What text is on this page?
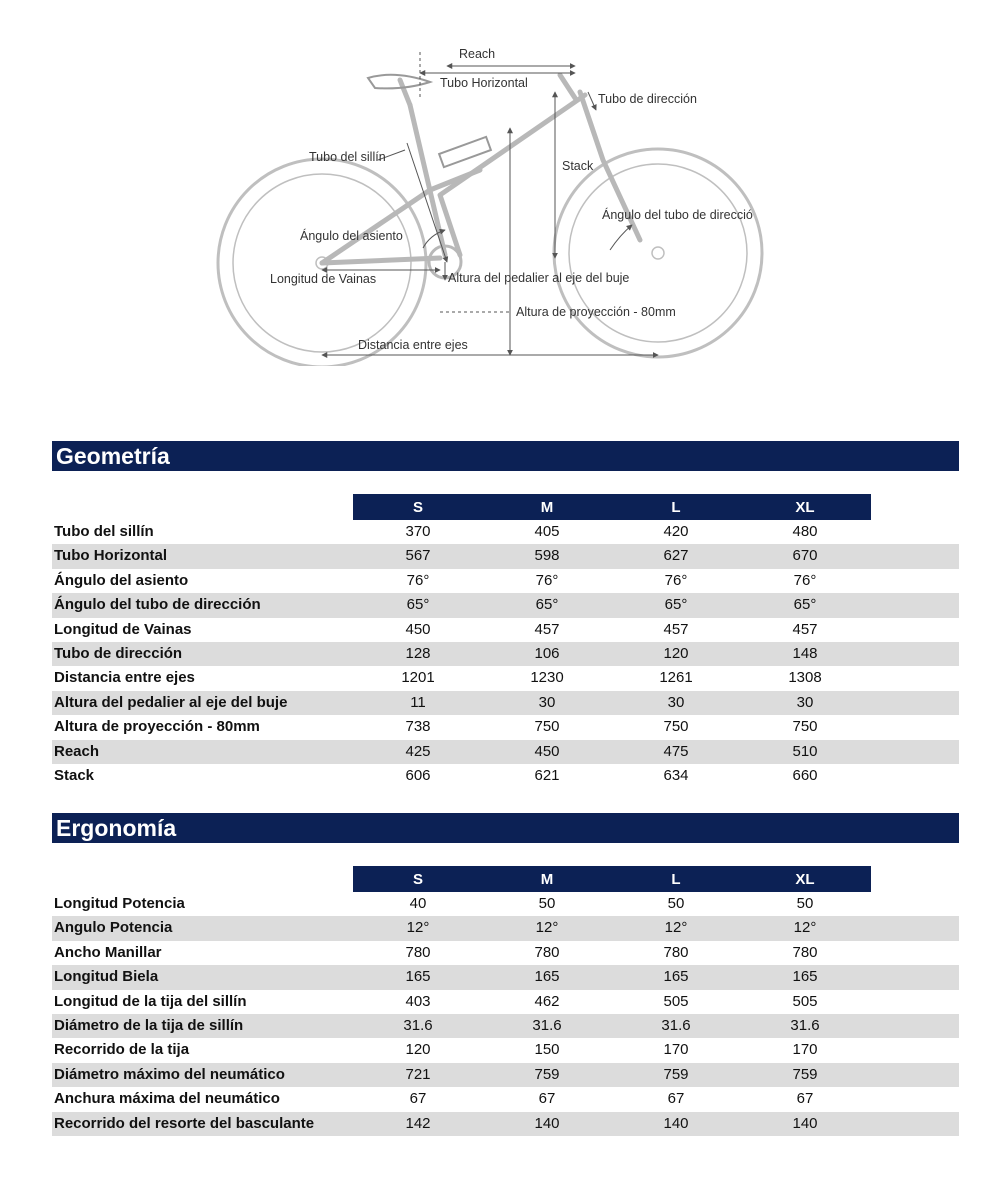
Reach
Tubo Horizontal
Tubo de dirección
Tubo del sillín
Stack
Ángulo del tubo de direcció
Ángulo del asiento
Longitud de Vainas	Altura del pedalier al eje del buje
Altura de proyección - 80mm
Distancia entre ejes
Geometría
S	M	L	XL
Tubo del sillín	370	405	420	480
Tubo Horizontal	567	598	627	670
Ángulo del asiento	76°	76°	76°	76°
Ángulo del tubo de dirección	65°	65°	65°	65°
Longitud de Vainas	450	457	457	457
Tubo de dirección	128	106	120	148
Distancia entre ejes	1201	1230	1261	1308
Altura del pedalier al eje del buje	11	30	30	30
Altura de proyección - 80mm	738	750	750	750
Reach	425	450	475	510
Stack	606	621	634	660
Ergonomía
S	M	L	XL
Longitud Potencia	40	50	50	50
Angulo Potencia	12°	12°	12°	12°
Ancho Manillar	780	780	780	780
Longitud Biela	165	165	165	165
Longitud de la tija del sillín	403	462	505	505
Diámetro de la tija de sillín	31.6	31.6	31.6	31.6
Recorrido de la tija	120	150	170	170
Diámetro máximo del neumático	721	759	759	759
Anchura máxima del neumático	67	67	67	67
Recorrido del resorte del basculante	142	140	140	140
